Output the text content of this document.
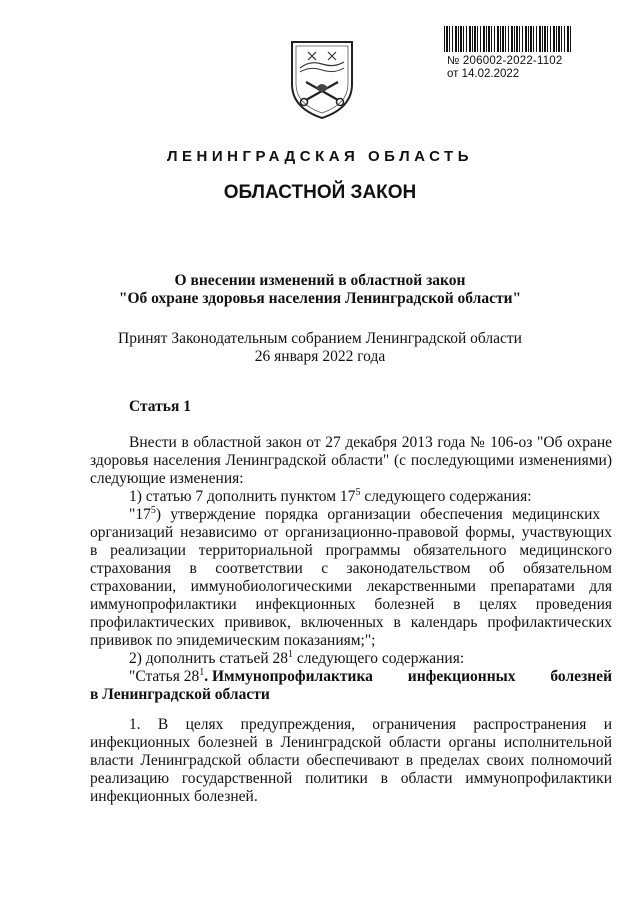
№ 206002-2022-1102
от 14.02.2022
ЛЕНИНГРАДСКАЯ ОБЛАСТЬ
ОБЛАСТНОЙ ЗАКОН
О внесении изменений в областной закон
"Об охране здоровья населения Ленинградской области"
Принят Законодательным собранием Ленинградской области
26 января 2022 года
Статья 1
Внести в областной закон от 27 декабря 2013 года № 106-оз "Об охране
здоровья населения Ленинградской области" (с последующими изменениями)
следующие изменения:
1) статью 7 дополнить пунктом $17^5$ следующего содержания:
"$17^5$) утверждение порядка организации обеспечения медицинских
организаций независимо от организационно-правовой формы, участвующих
в реализации территориальной программы обязательного медицинского
страхования в соответствии с законодательством об обязательном
страховании, иммунобиологическими лекарственными препаратами для
иммунопрофилактики инфекционных болезней в целях проведения
профилактических прививок, включенных в календарь профилактических
прививок по эпидемическим показаниям;";
2) дополнить статьей $28^1$ следующего содержания:
"Статья $28^1$. Иммунопрофилактика инфекционных болезней
в Ленинградской области
1. В целях предупреждения, ограничения распространения и
инфекционных болезней в Ленинградской области органы исполнительной
власти Ленинградской области обеспечивают в пределах своих полномочий
реализацию государственной политики в области иммунопрофилактики
инфекционных болезней.
